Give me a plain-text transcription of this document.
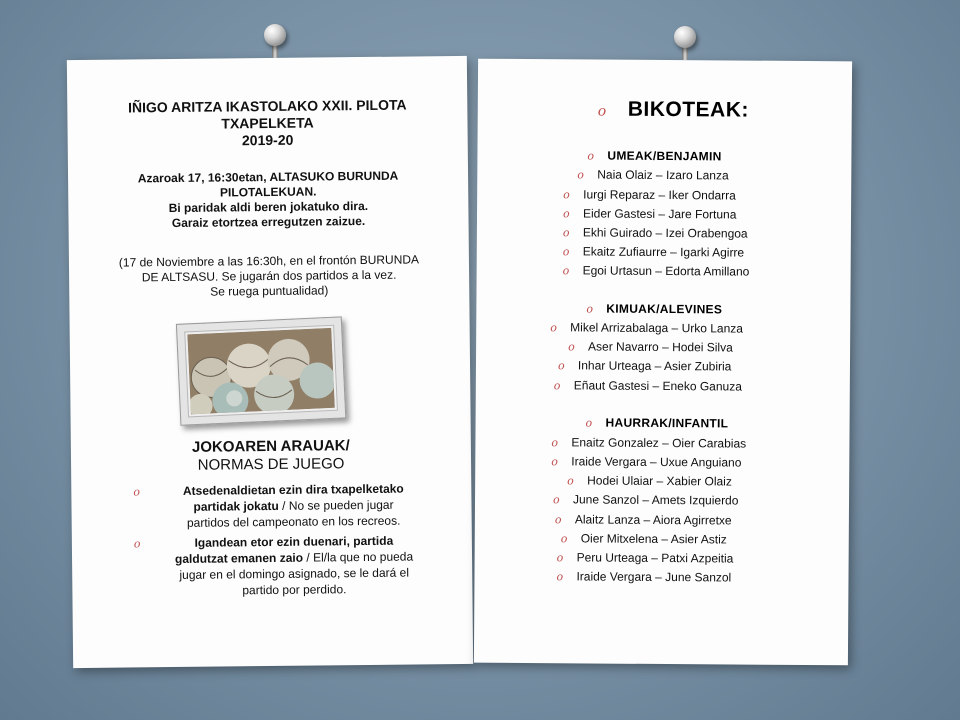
IÑIGO ARITZA IKASTOLAKO XXII. PILOTA
TXAPELKETA
2019-20
Azaroak 17, 16:30etan, ALTASUKO BURUNDA
PILOTALEKUAN.
Bi paridak aldi beren jokatuko dira.
Garaiz etortzea erregutzen zaizue.
(17 de Noviembre a las 16:30h, en el frontón BURUNDA
DE ALTSASU. Se jugarán dos partidos a la vez.
Se ruega puntualidad)
JOKOAREN ARAUAK/
NORMAS DE JUEGO
o	Atsedenaldietan ezin dira txapelketako
partidak jokatu / No se pueden jugar
partidos del campeonato en los recreos.
o	Igandean etor ezin duenari, partida
galdutzat emanen zaio / El/la que no pueda
jugar en el domingo asignado, se le dará el
partido por perdido.
o BIKOTEAK:
o UMEAK/BENJAMIN
o Naia Olaiz – Izaro Lanza
o Iurgi Reparaz – Iker Ondarra
o Eider Gastesi – Jare Fortuna
o Ekhi Guirado – Izei Orabengoa
o Ekaitz Zufiaurre – Igarki Agirre
o Egoi Urtasun – Edorta Amillano
o KIMUAK/ALEVINES
o Mikel Arrizabalaga – Urko Lanza
o Aser Navarro – Hodei Silva
o Inhar Urteaga – Asier Zubiria
o Eñaut Gastesi – Eneko Ganuza
o HAURRAK/INFANTIL
o Enaitz Gonzalez – Oier Carabias
o Iraide Vergara – Uxue Anguiano
o Hodei Ulaiar – Xabier Olaiz
o June Sanzol – Amets Izquierdo
o Alaitz Lanza – Aiora Agirretxe
o Oier Mitxelena – Asier Astiz
o Peru Urteaga – Patxi Azpeitia
o Iraide Vergara – June Sanzol
